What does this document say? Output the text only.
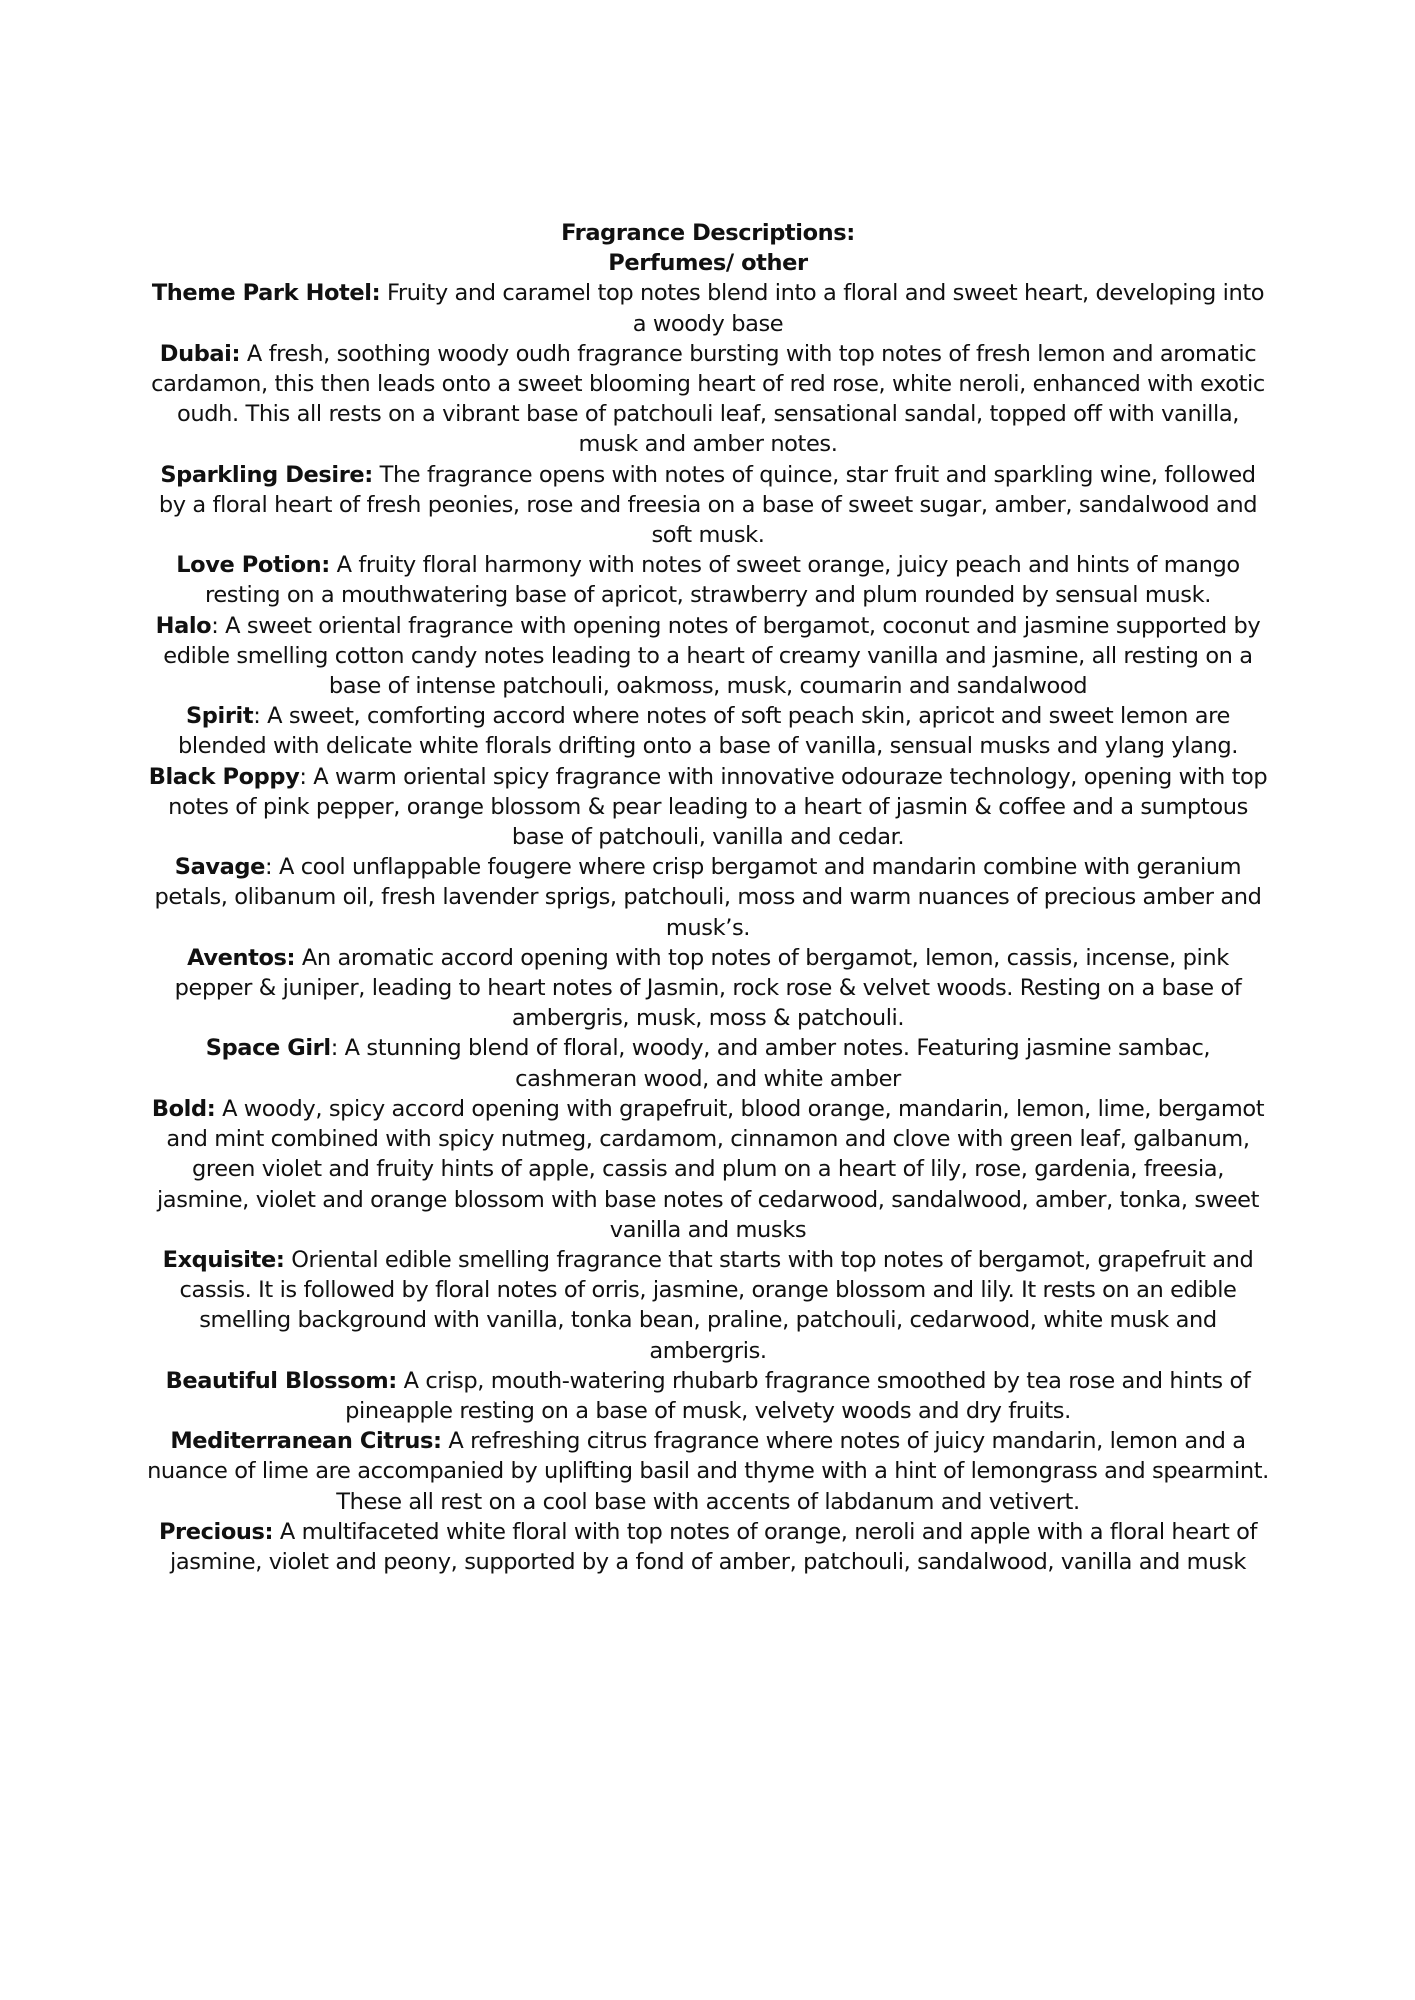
Fragrance Descriptions:

Perfumes/ other

Theme Park Hotel: Fruity and caramel top notes blend into a floral and sweet heart, developing into a woody base

Dubai: A fresh, soothing woody oudh fragrance bursting with top notes of fresh lemon and aromatic cardamon, this then leads onto a sweet blooming heart of red rose, white neroli, enhanced with exotic oudh. This all rests on a vibrant base of patchouli leaf, sensational sandal, topped off with vanilla, musk and amber notes.

Sparkling Desire: The fragrance opens with notes of quince, star fruit and sparkling wine, followed by a floral heart of fresh peonies, rose and freesia on a base of sweet sugar, amber, sandalwood and soft musk.

Love Potion: A fruity floral harmony with notes of sweet orange, juicy peach and hints of mango resting on a mouthwatering base of apricot, strawberry and plum rounded by sensual musk.

Halo: A sweet oriental fragrance with opening notes of bergamot, coconut and jasmine supported by edible smelling cotton candy notes leading to a heart of creamy vanilla and jasmine, all resting on a base of intense patchouli, oakmoss, musk, coumarin and sandalwood

Spirit: A sweet, comforting accord where notes of soft peach skin, apricot and sweet lemon are blended with delicate white florals drifting onto a base of vanilla, sensual musks and ylang ylang.

Black Poppy: A warm oriental spicy fragrance with innovative odouraze technology, opening with top notes of pink pepper, orange blossom & pear leading to a heart of jasmin & coffee and a sumptous base of patchouli, vanilla and cedar.

Savage: A cool unflappable fougere where crisp bergamot and mandarin combine with geranium petals, olibanum oil, fresh lavender sprigs, patchouli, moss and warm nuances of precious amber and musk’s.

Aventos: An aromatic accord opening with top notes of bergamot, lemon, cassis, incense, pink pepper & juniper, leading to heart notes of Jasmin, rock rose & velvet woods. Resting on a base of ambergris, musk, moss & patchouli.

Space Girl: A stunning blend of floral, woody, and amber notes. Featuring jasmine sambac, cashmeran wood, and white amber

Bold: A woody, spicy accord opening with grapefruit, blood orange, mandarin, lemon, lime, bergamot and mint combined with spicy nutmeg, cardamom, cinnamon and clove with green leaf, galbanum, green violet and fruity hints of apple, cassis and plum on a heart of lily, rose, gardenia, freesia, jasmine, violet and orange blossom with base notes of cedarwood, sandalwood, amber, tonka, sweet vanilla and musks

Exquisite: Oriental edible smelling fragrance that starts with top notes of bergamot, grapefruit and cassis. It is followed by floral notes of orris, jasmine, orange blossom and lily. It rests on an edible smelling background with vanilla, tonka bean, praline, patchouli, cedarwood, white musk and ambergris.

Beautiful Blossom: A crisp, mouth-watering rhubarb fragrance smoothed by tea rose and hints of pineapple resting on a base of musk, velvety woods and dry fruits.

Mediterranean Citrus: A refreshing citrus fragrance where notes of juicy mandarin, lemon and a nuance of lime are accompanied by uplifting basil and thyme with a hint of lemongrass and spearmint. These all rest on a cool base with accents of labdanum and vetivert.

Precious: A multifaceted white floral with top notes of orange, neroli and apple with a floral heart of jasmine, violet and peony, supported by a fond of amber, patchouli, sandalwood, vanilla and musk
